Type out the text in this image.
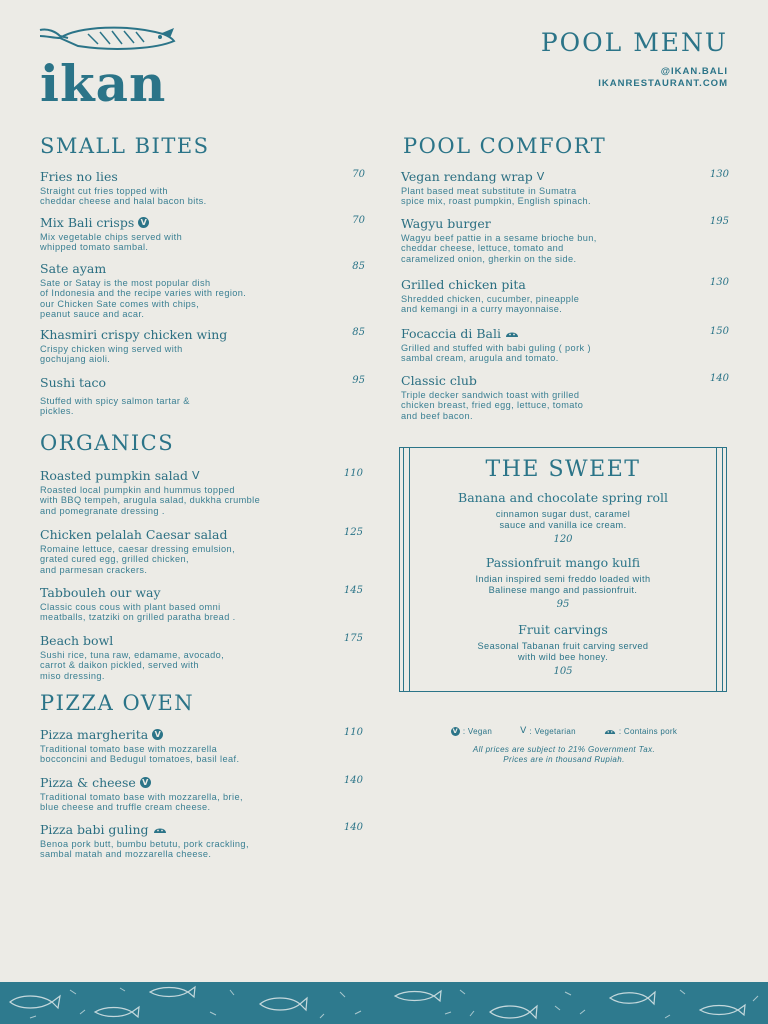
ikan
POOL MENU
@IKAN.BALI
IKANRESTAURANT.COM
SMALL BITES
Fries no lies	70
Straight cut fries topped with
cheddar cheese and halal bacon bits.
Mix Bali crisps V	70
Mix vegetable chips served with
whipped tomato sambal.
Sate ayam	85
Sate or Satay is the most popular dish
of Indonesia and the recipe varies with region.
our Chicken Sate comes with chips,
peanut sauce and acar.
Khasmiri crispy chicken wing	85
Crispy chicken wing served with
gochujang aioli.
Sushi taco	95
Stuffed with spicy salmon tartar &
pickles.
ORGANICS
Roasted pumpkin salad V	110
Roasted local pumpkin and hummus topped
with BBQ tempeh, arugula salad, dukkha crumble
and pomegranate dressing .
Chicken pelalah Caesar salad	125
Romaine lettuce, caesar dressing emulsion,
grated cured egg, grilled chicken,
and parmesan crackers.
Tabbouleh our way	145
Classic cous cous with plant based omni
meatballs, tzatziki on grilled paratha bread .
Beach bowl	175
Sushi rice, tuna raw, edamame, avocado,
carrot & daikon pickled, served with
miso dressing.
PIZZA OVEN
Pizza margherita V	110
Traditional tomato base with mozzarella
bocconcini and Bedugul tomatoes, basil leaf.
Pizza & cheese V	140
Traditional tomato base with mozzarella, brie,
blue cheese and truffle cream cheese.
Pizza babi guling	140
Benoa pork butt, bumbu betutu, pork crackling,
sambal matah and mozzarella cheese.
POOL COMFORT
Vegan rendang wrap V	130
Plant based meat substitute in Sumatra
spice mix, roast pumpkin, English spinach.
Wagyu burger	195
Wagyu beef pattie in a sesame brioche bun,
cheddar cheese, lettuce, tomato and
caramelized onion, gherkin on the side.
Grilled chicken pita	130
Shredded chicken, cucumber, pineapple
and kemangi in a curry mayonnaise.
Focaccia di Bali	150
Grilled and stuffed with babi guling ( pork )
sambal cream, arugula and tomato.
Classic club	140
Triple decker sandwich toast with grilled
chicken breast, fried egg, lettuce, tomato
and beef bacon.
THE SWEET
Banana and chocolate spring roll
cinnamon sugar dust, caramel
sauce and vanilla ice cream.
120
Passionfruit mango kulfi
Indian inspired semi freddo loaded with
Balinese mango and passionfruit.
95
Fruit carvings
Seasonal Tabanan fruit carving served
with wild bee honey.
105
V : Vegan	V : Vegetarian	: Contains pork
All prices are subject to 21% Government Tax.
Prices are in thousand Rupiah.
